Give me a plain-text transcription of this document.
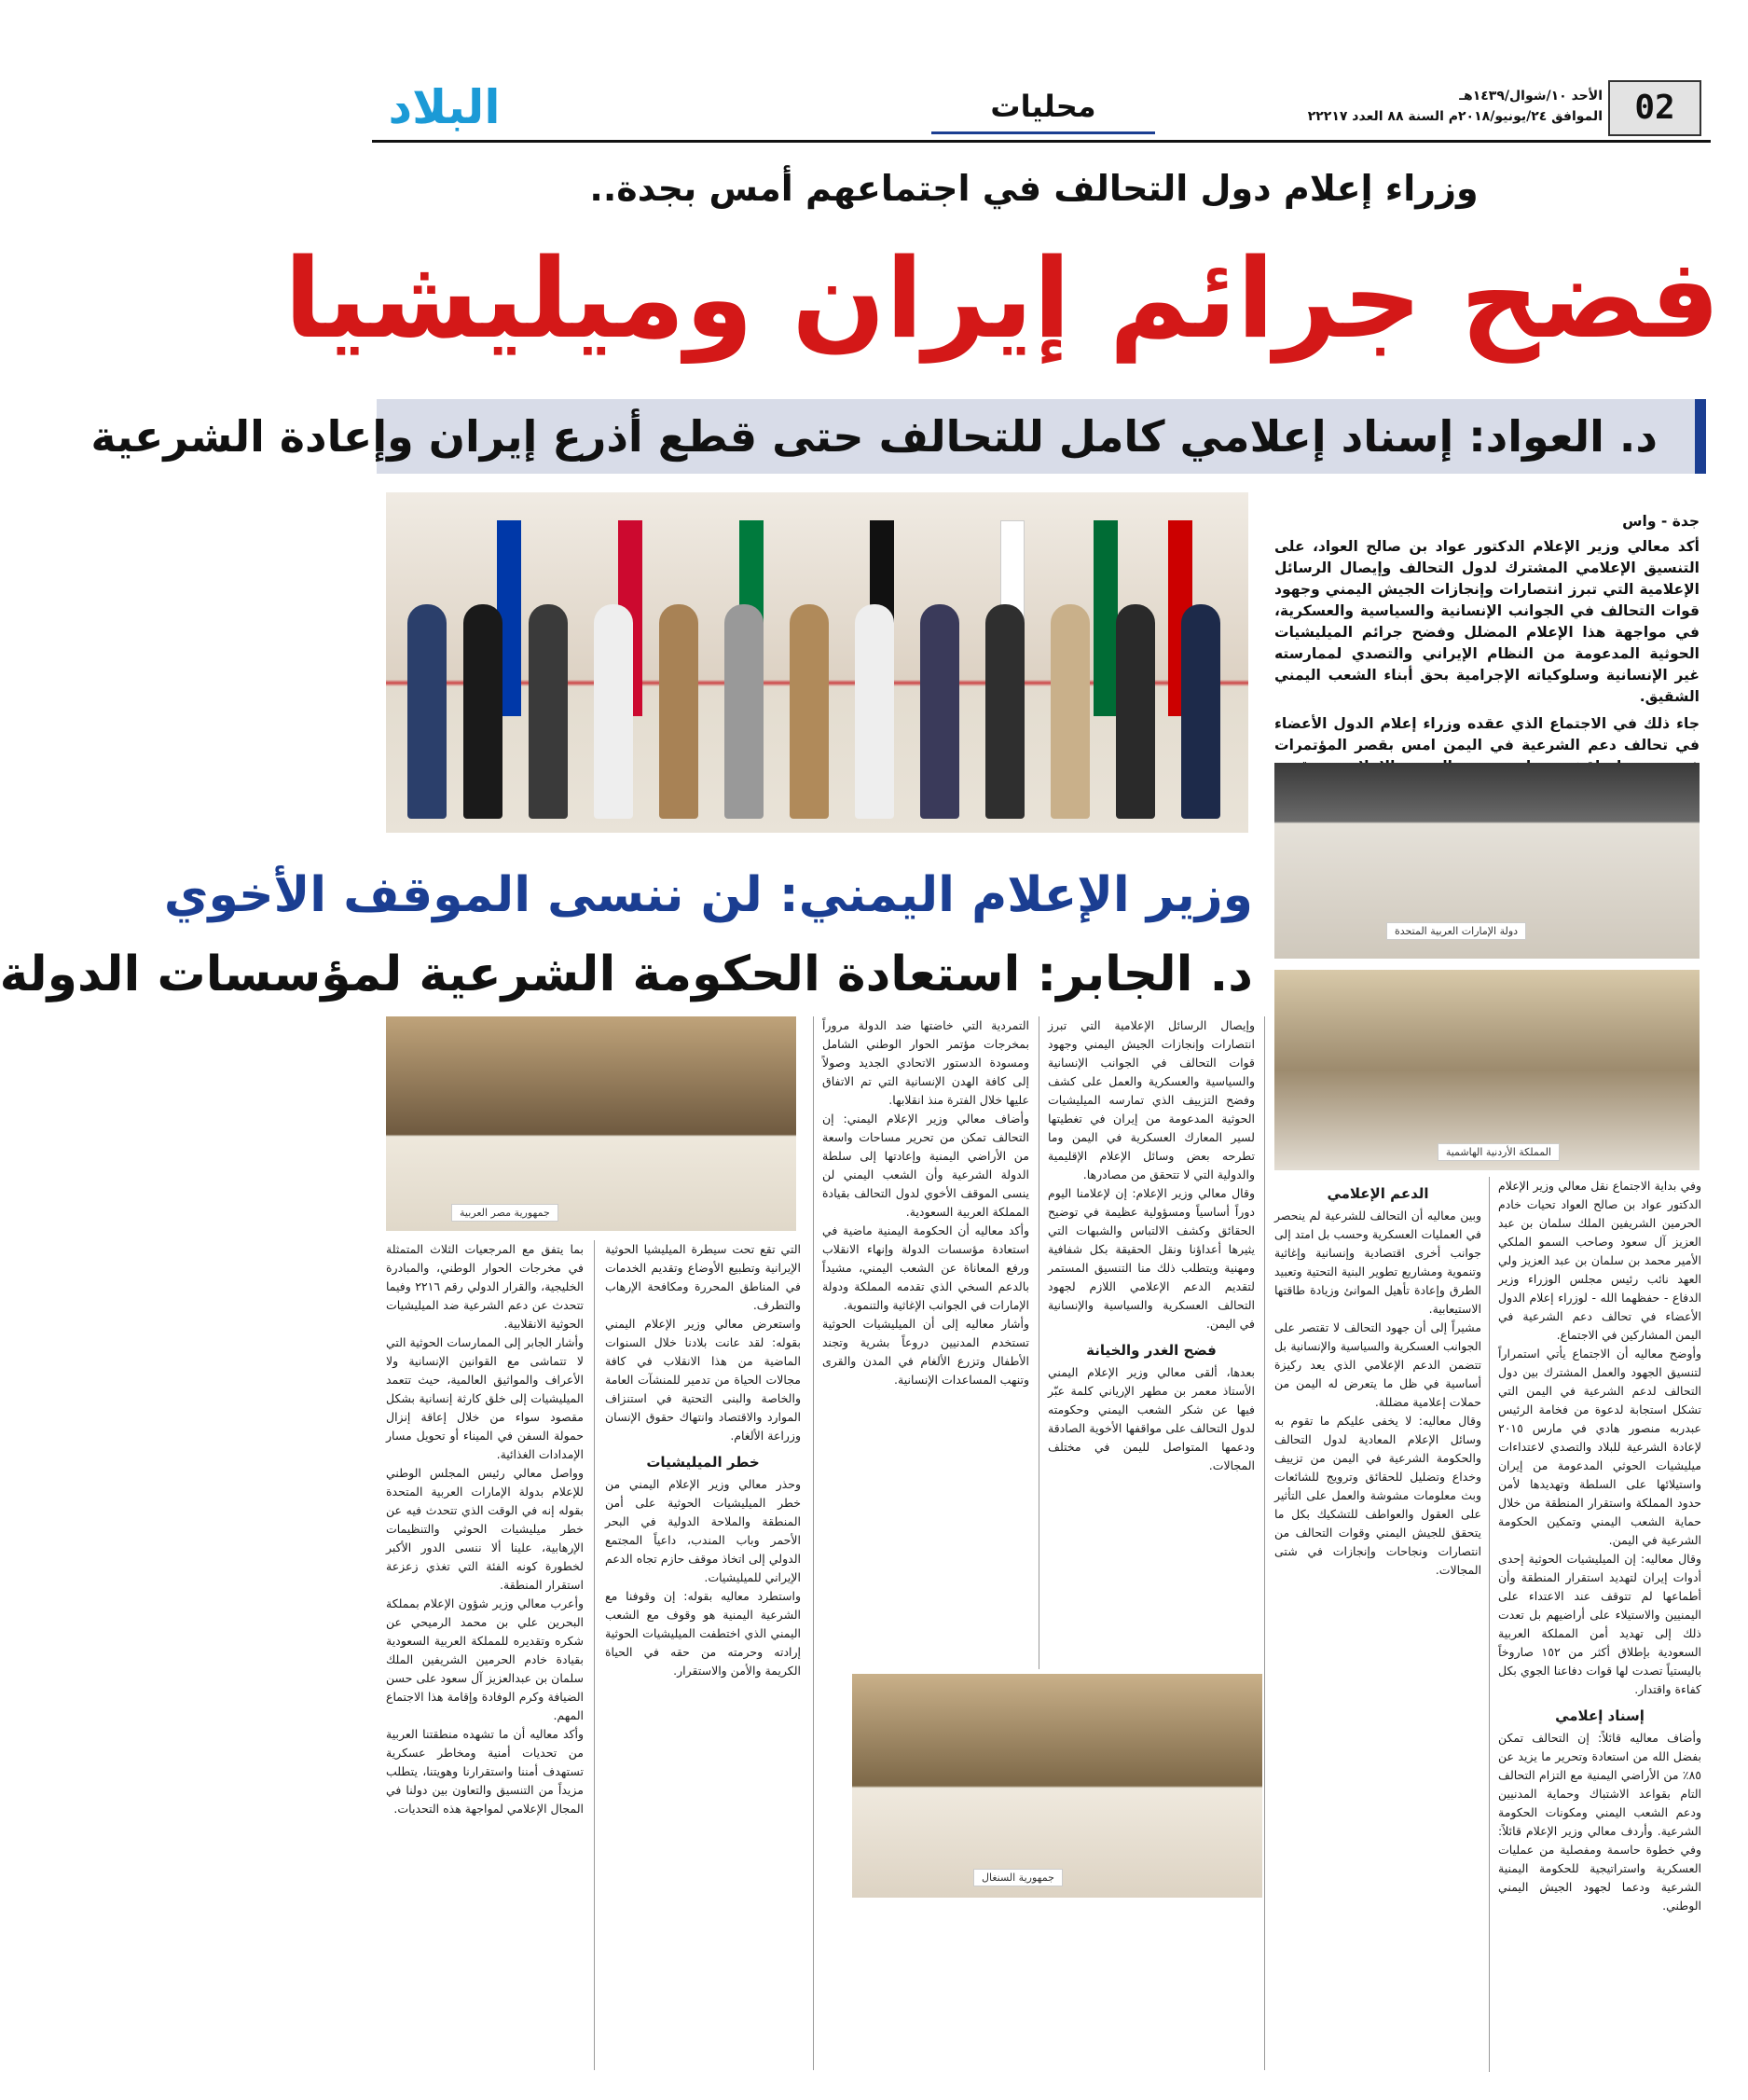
البلاد	محليات	الأحد ١٠/شوال/١٤٣٩هـ
الموافق ٢٤/يونيو/٢٠١٨م السنة ٨٨ العدد ٢٢٢١٧ 02
وزراء إعلام دول التحالف في اجتماعهم أمس بجدة..
فضح جرائم إيران وميليشيا
د. العواد: إسناد إعلامي كامل للتحالف حتى قطع أذرع إيران وإعادة الشرعية
جدة - واس

أكد معالي وزير الإعلام الدكتور عواد بن صالح العواد، على التنسيق الإعلامي المشترك لدول التحالف وإيصال الرسائل الإعلامية التي تبرز انتصارات وإنجازات الجيش اليمني وجهود قوات التحالف في الجوانب الإنسانية والسياسية والعسكرية، في مواجهة هذا الإعلام المضلل وفضح جرائم الميليشيات الحوثية المدعومة من النظام الإيراني والتصدي لممارسته غير الإنسانية وسلوكياته الإجرامية بحق أبناء الشعب اليمني الشقيق.

جاء ذلك في الاجتماع الذي عقده وزراء إعلام الدول الأعضاء في تحالف دعم الشرعية في اليمن امس بقصر المؤتمرات

دولة الإمارات العربية المتحدة
المملكة الأردنية الهاشمية
وزير الإعلام اليمني: لن ننسى الموقف الأخوي
د. الجابر: استعادة الحكومة الشرعية لمؤسسات الدولة
جمهورية مصر العربية
جمهورية السنغال

وفي بداية الاجتماع نقل معالي وزير الإعلام الدكتور عواد بن صالح العواد تحيات خادم الحرمين الشريفين الملك سلمان بن عبد العزيز آل سعود وصاحب السمو الملكي الأمير محمد بن سلمان بن عبد العزيز ولي العهد نائب رئيس مجلس الوزراء وزير الدفاع - حفظهما الله - لوزراء إعلام الدول الأعضاء في تحالف دعم الشرعية في اليمن المشاركين في الاجتماع.

وأوضح معاليه أن الاجتماع يأتي استمراراً لتنسيق الجهود والعمل المشترك بين دول التحالف لدعم الشرعية في اليمن التي تشكل استجابة لدعوة من فخامة الرئيس عبدربه منصور هادي في مارس ٢٠١٥ لإعادة الشرعية للبلاد والتصدي لاعتداءات ميليشيات الحوثي المدعومة من إيران واستيلائها على السلطة وتهديدها لأمن حدود المملكة واستقرار المنطقة من خلال حماية الشعب اليمني وتمكين الحكومة الشرعية في اليمن.

وقال معاليه: إن الميليشيات الحوثية إحدى أدوات إيران لتهديد استقرار المنطقة وأن أطماعها لم تتوقف عند الاعتداء على اليمنيين والاستيلاء على أراضيهم بل تعدت ذلك إلى تهديد أمن المملكة العربية السعودية بإطلاق أكثر من ١٥٢ صاروخاً باليستياً تصدت لها قوات دفاعنا الجوي بكل كفاءة واقتدار.

إسناد إعلامي

وأضاف معاليه قائلاً: إن التحالف تمكن بفضل الله من استعادة وتحرير ما يزيد عن ٨٥٪ من الأراضي اليمنية مع التزام التحالف التام بقواعد الاشتباك وحماية المدنيين ودعم الشعب اليمني ومكونات الحكومة الشرعية. وأردف معالي وزير الإعلام قائلاً: وفي خطوة حاسمة ومفصلية من عمليات العسكرية واستراتيجية للحكومة اليمنية الشرعية ودعما لجهود الجيش اليمني الوطني.

الدعم الإعلامي

وبين معاليه أن التحالف للشرعية لم ينحصر في العمليات العسكرية وحسب بل امتد إلى جوانب أخرى اقتصادية وإنسانية وإغاثية وتنموية ومشاريع تطوير البنية التحتية وتعبيد الطرق وإعادة تأهيل الموانئ وزيادة طاقتها الاستيعابية.

مشيراً إلى أن جهود التحالف لا تقتصر على الجوانب العسكرية والسياسية والإنسانية بل تتضمن الدعم الإعلامي الذي يعد ركيزة أساسية في ظل ما يتعرض له اليمن من حملات إعلامية مضللة.

وقال معاليه: لا يخفى عليكم ما تقوم به وسائل الإعلام المعادية لدول التحالف والحكومة الشرعية في اليمن من تزييف وخداع وتضليل للحقائق وترويج للشائعات وبث معلومات مشوشة والعمل على التأثير على العقول والعواطف للتشكيك بكل ما يتحقق للجيش اليمني وقوات التحالف من انتصارات ونجاحات وإنجازات في شتى المجالات.

وإيصال الرسائل الإعلامية التي تبرز انتصارات وإنجازات الجيش اليمني وجهود قوات التحالف في الجوانب الإنسانية والسياسية والعسكرية والعمل على كشف وفضح التزييف الذي تمارسه الميليشيات الحوثية المدعومة من إيران في تغطيتها لسير المعارك العسكرية في اليمن وما تطرحه بعض وسائل الإعلام الإقليمية والدولية التي لا تتحقق من مصادرها.

وقال معالي وزير الإعلام: إن لإعلامنا اليوم دوراً أساسياً ومسؤولية عظيمة في توضيح الحقائق وكشف الالتباس والشبهات التي يثيرها أعداؤنا ونقل الحقيقة بكل شفافية ومهنية ويتطلب ذلك منا التنسيق المستمر لتقديم الدعم الإعلامي اللازم لجهود التحالف العسكرية والسياسية والإنسانية في اليمن.

فضح الغدر والخيانة

بعدها، ألقى معالي وزير الإعلام اليمني الأستاذ معمر بن مطهر الإرياني كلمة عبّر فيها عن شكر الشعب اليمني وحكومته لدول التحالف على مواقفها الأخوية الصادقة ودعمها المتواصل لليمن في مختلف المجالات.

التمردية التي خاضتها ضد الدولة مروراً بمخرجات مؤتمر الحوار الوطني الشامل ومسودة الدستور الاتحادي الجديد وصولاً إلى كافة الهدن الإنسانية التي تم الاتفاق عليها خلال الفترة منذ انقلابها.

وأضاف معالي وزير الإعلام اليمني: إن التحالف تمكن من تحرير مساحات واسعة من الأراضي اليمنية وإعادتها إلى سلطة الدولة الشرعية وأن الشعب اليمني لن ينسى الموقف الأخوي لدول التحالف بقيادة المملكة العربية السعودية.

وأكد معاليه أن الحكومة اليمنية ماضية في استعادة مؤسسات الدولة وإنهاء الانقلاب ورفع المعاناة عن الشعب اليمني، مشيداً بالدعم السخي الذي تقدمه المملكة ودولة الإمارات في الجوانب الإغاثية والتنموية.

وأشار معاليه إلى أن الميليشيات الحوثية تستخدم المدنيين دروعاً بشرية وتجند الأطفال وتزرع الألغام في المدن والقرى وتنهب المساعدات الإنسانية.

التي تقع تحت سيطرة الميليشيا الحوثية الإيرانية وتطبيع الأوضاع وتقديم الخدمات في المناطق المحررة ومكافحة الإرهاب والتطرف.

واستعرض معالي وزير الإعلام اليمني بقوله: لقد عانت بلادنا خلال السنوات الماضية من هذا الانقلاب في كافة مجالات الحياة من تدمير للمنشآت العامة والخاصة والبنى التحتية في استنزاف الموارد والاقتصاد وانتهاك حقوق الإنسان وزراعة الألغام.

خطر الميليشيات

وحذر معالي وزير الإعلام اليمني من خطر الميليشيات الحوثية على أمن المنطقة والملاحة الدولية في البحر الأحمر وباب المندب، داعياً المجتمع الدولي إلى اتخاذ موقف حازم تجاه الدعم الإيراني للميليشيات.

واستطرد معاليه بقوله: إن وقوفنا مع الشرعية اليمنية هو وقوف مع الشعب اليمني الذي اختطفت الميليشيات الحوثية إرادته وحرمته من حقه في الحياة الكريمة والأمن والاستقرار.

بما يتفق مع المرجعيات الثلاث المتمثلة في مخرجات الحوار الوطني، والمبادرة الخليجية، والقرار الدولي رقم ٢٢١٦ وفيما تتحدث عن دعم الشرعية ضد الميليشيات الحوثية الانقلابية.

وأشار الجابر إلى الممارسات الحوثية التي لا تتماشى مع القوانين الإنسانية ولا الأعراف والمواثيق العالمية، حيث تتعمد الميليشيات إلى خلق كارثة إنسانية بشكل مقصود سواء من خلال إعاقة إنزال حمولة السفن في الميناء أو تحويل مسار الإمدادات الغذائية.

وواصل معالي رئيس المجلس الوطني للإعلام بدولة الإمارات العربية المتحدة بقوله إنه في الوقت الذي تتحدث فيه عن خطر ميليشيات الحوثي والتنظيمات الإرهابية، علينا ألا ننسى الدور الأكبر لخطورة كونه الفئة التي تغذي زعزعة استقرار المنطقة.

وأعرب معالي وزير شؤون الإعلام بمملكة البحرين علي بن محمد الرميحي عن شكره وتقديره للمملكة العربية السعودية بقيادة خادم الحرمين الشريفين الملك سلمان بن عبدالعزيز آل سعود على حسن الضيافة وكرم الوفادة وإقامة هذا الاجتماع المهم.

وأكد معاليه أن ما تشهده منطقتنا العربية من تحديات أمنية ومخاطر عسكرية تستهدف أمننا واستقرارنا وهويتنا، يتطلب مزيداً من التنسيق والتعاون بين دولنا في المجال الإعلامي لمواجهة هذه التحديات.
